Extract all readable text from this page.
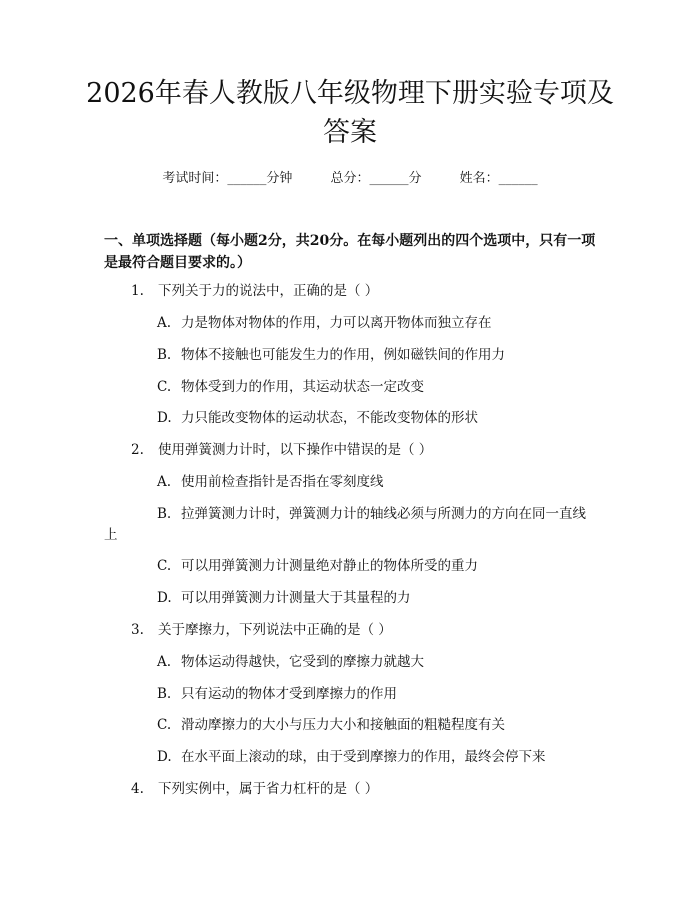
2026年春人教版八年级物理下册实验专项及
答案
考试时间：______分钟	总分：______分	姓名：______

一、单项选择题（每小题2分，共20分。在每小题列出的四个选项中，只有一项是最符合题目要求的。）

1. 下列关于力的说法中，正确的是（ ）
A. 力是物体对物体的作用，力可以离开物体而独立存在
B. 物体不接触也可能发生力的作用，例如磁铁间的作用力
C. 物体受到力的作用，其运动状态一定改变
D. 力只能改变物体的运动状态，不能改变物体的形状
2. 使用弹簧测力计时，以下操作中错误的是（ ）
A. 使用前检查指针是否指在零刻度线
B. 拉弹簧测力计时，弹簧测力计的轴线必须与所测力的方向在同一直线
上
C. 可以用弹簧测力计测量绝对静止的物体所受的重力
D. 可以用弹簧测力计测量大于其量程的力
3. 关于摩擦力，下列说法中正确的是（ ）
A. 物体运动得越快，它受到的摩擦力就越大
B. 只有运动的物体才受到摩擦力的作用
C. 滑动摩擦力的大小与压力大小和接触面的粗糙程度有关
D. 在水平面上滚动的球，由于受到摩擦力的作用，最终会停下来
4. 下列实例中，属于省力杠杆的是（ ）
